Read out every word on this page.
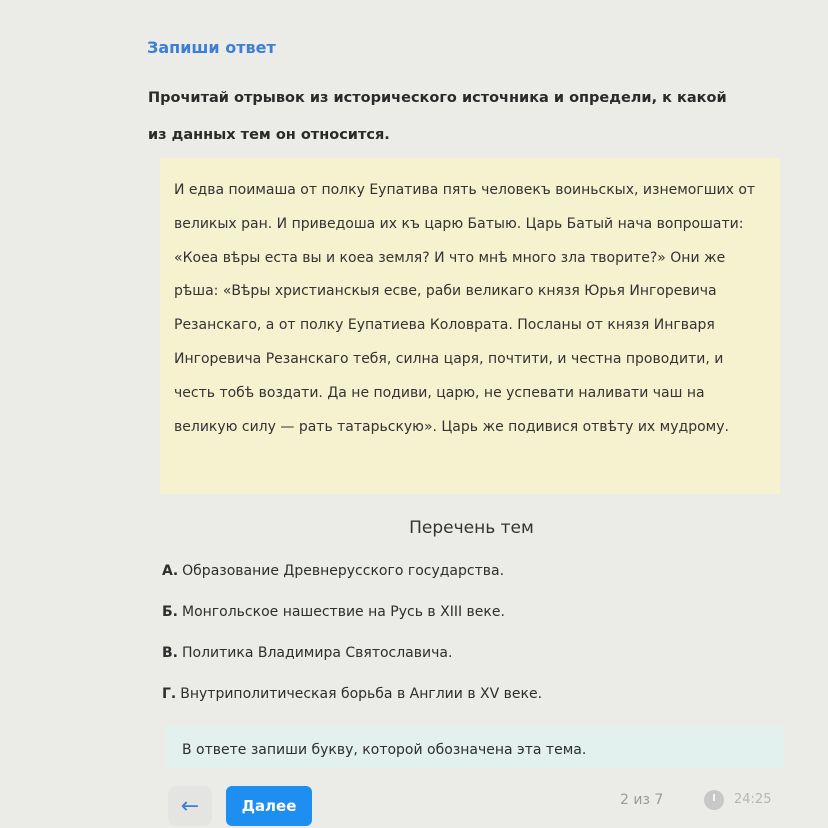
Запиши ответ
Прочитай отрывок из исторического источника и определи, к какой из данных тем он относится.
И едва поимаша от полку Еупатива пять человекъ воиньскых, изнемогших от великых ран. И приведоша их къ царю Батыю. Царь Батый нача вопрошати: «Коеа вѣры еста вы и коеа земля? И что мнѣ много зла творите?» Они же рѣша: «Вѣры христианскыя есве, раби великаго князя Юрья Ингоревича Резанскаго, а от полку Еупатиева Коловрата. Посланы от князя Ингваря Ингоревича Резанскаго тебя, силна царя, почтити, и честна проводити, и честь тобѣ воздати. Да не подиви, царю, не успевати наливати чаш на великую силу — рать татарьскую». Царь же подивися отвѣту их мудрому.
Перечень тем
А. Образование Древнерусского государства.
Б. Монгольское нашествие на Русь в XIII веке.
В. Политика Владимира Святославича.
Г. Внутриполитическая борьба в Англии в XV веке.
В ответе запиши букву, которой обозначена эта тема.
←	Далее	2 из 7	24:25
